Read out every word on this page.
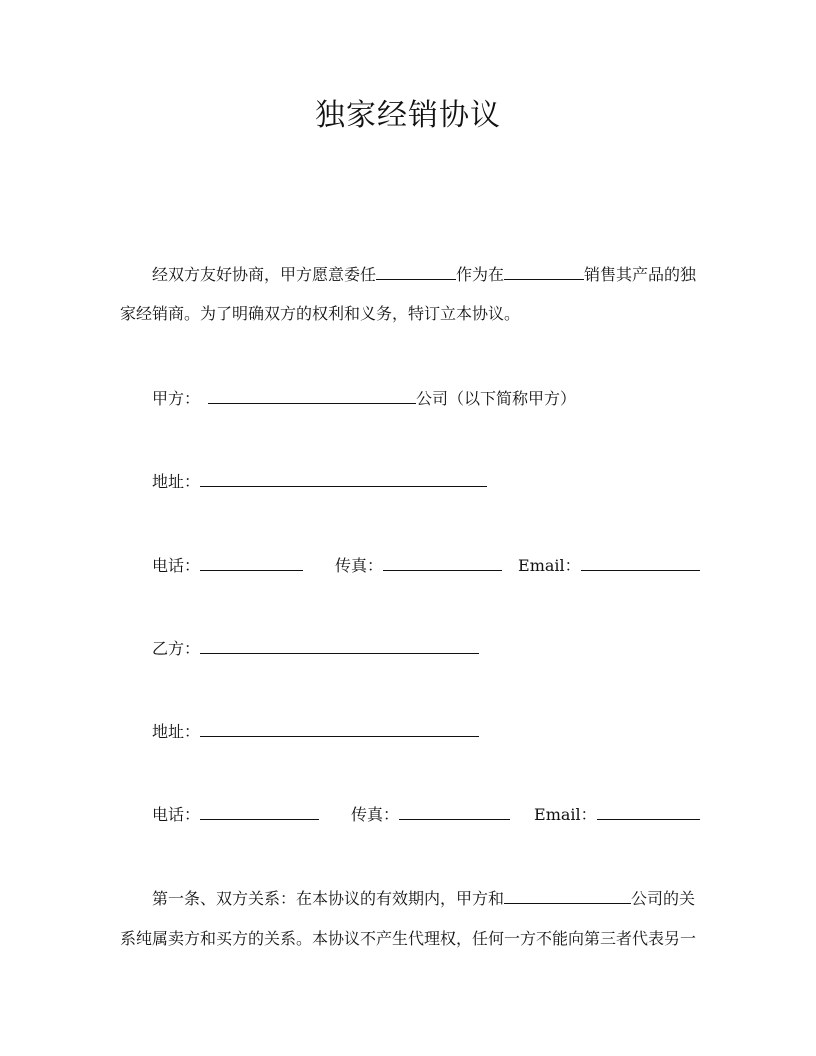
独家经销协议
经双方友好协商，甲方愿意委任	作为在	销售其产品的独
家经销商。为了明确双方的权利和义务，特订立本协议。
甲方：	公司（以下简称甲方）
地址：
电话：	传真：	Email：
乙方：
地址：
电话：	传真：	Email：
第一条、双方关系：在本协议的有效期内，甲方和	公司的关
系纯属卖方和买方的关系。本协议不产生代理权，任何一方不能向第三者代表另一
